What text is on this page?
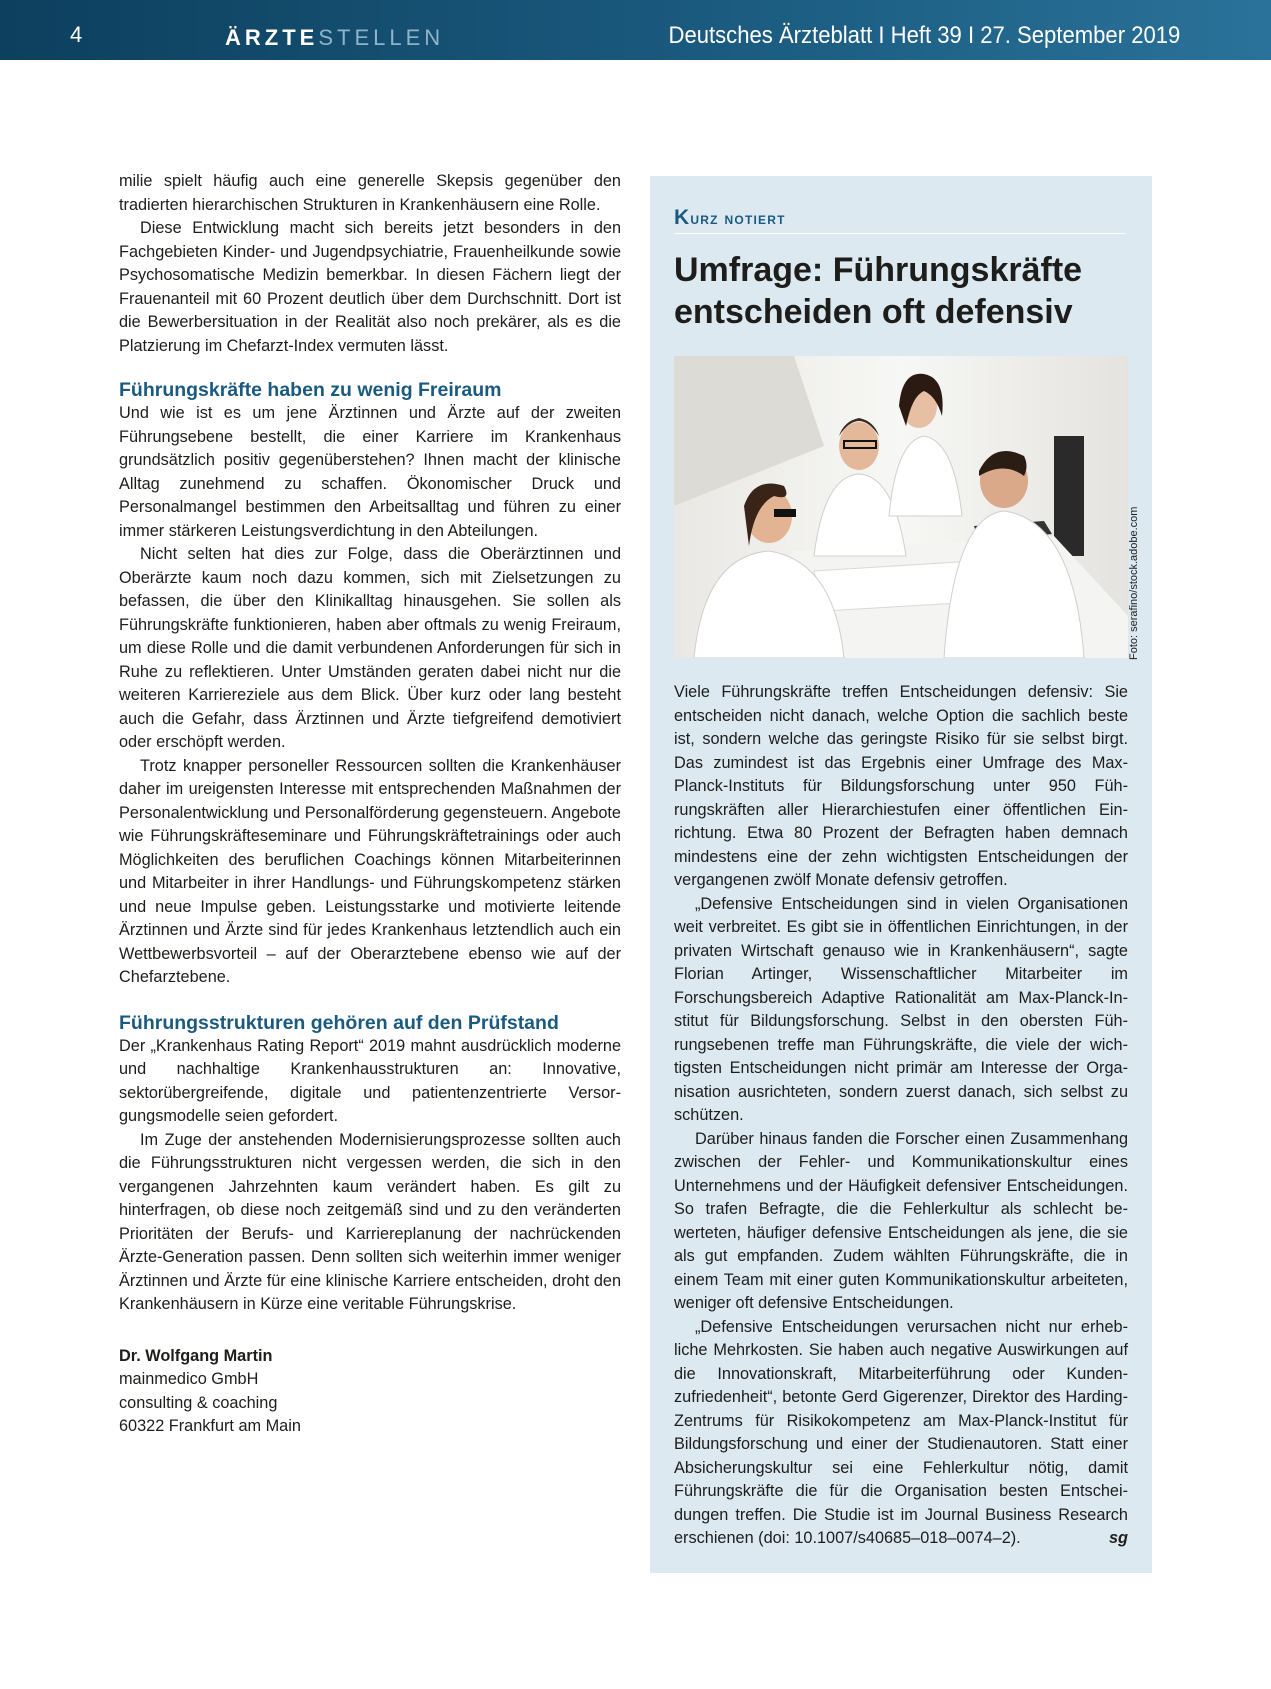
4	ÄRZTESTELLEN	Deutsches Ärzteblatt I Heft 39 I 27. September 2019

milie spielt häufig auch eine generelle Skepsis gegenüber den tradierten hierarchischen Strukturen in Krankenhäusern eine Rolle.

Diese Entwicklung macht sich bereits jetzt besonders in den Fachgebieten Kinder- und Jugendpsychiatrie, Frauenheilkunde sowie Psychosomatische Medizin bemerkbar. In diesen Fächern liegt der Frauenanteil mit 60 Prozent deutlich über dem Durchschnitt. Dort ist die Bewerbersituation in der Realität also noch prekärer, als es die Platzierung im Chefarzt-Index vermuten lässt.

Führungskräfte haben zu wenig Freiraum

Und wie ist es um jene Ärztinnen und Ärzte auf der zweiten Führungsebene bestellt, die einer Karriere im Krankenhaus grundsätzlich positiv gegenüberstehen? Ihnen macht der klinische Alltag zunehmend zu schaffen. Ökonomischer Druck und Personalmangel bestimmen den Arbeitsalltag und führen zu einer immer stärkeren Leistungsverdichtung in den Abteilungen.

Nicht selten hat dies zur Folge, dass die Oberärztinnen und Oberärzte kaum noch dazu kommen, sich mit Zielsetzungen zu befassen, die über den Klinikalltag hinausgehen. Sie sollen als Führungskräfte funktionieren, haben aber oftmals zu wenig Freiraum, um diese Rolle und die damit verbundenen Anforderungen für sich in Ruhe zu reflektieren. Unter Umständen geraten dabei nicht nur die weiteren Karriereziele aus dem Blick. Über kurz oder lang besteht auch die Gefahr, dass Ärztinnen und Ärzte tiefgreifend demotiviert oder erschöpft werden.

Trotz knapper personeller Ressourcen sollten die Krankenhäuser daher im ureigensten Interesse mit entsprechenden Maßnahmen der Personalentwicklung und Personalförderung gegensteuern. Angebote wie Führungskräfteseminare und Führungskräftetrainings oder auch Möglichkeiten des beruflichen Coachings können Mitarbeiterinnen und Mitarbeiter in ihrer Handlungs- und Führungskompetenz stärken und neue Impulse geben. Leistungsstarke und motivierte leitende Ärztinnen und Ärzte sind für jedes Krankenhaus letztendlich auch ein Wettbewerbsvorteil – auf der Oberarztebene ebenso wie auf der Chefarztebene.

Führungsstrukturen gehören auf den Prüfstand

Der „Krankenhaus Rating Report“ 2019 mahnt ausdrücklich moderne und nachhaltige Krankenhausstrukturen an: Innovative, sektorübergreifende, digitale und patientenzentrierte Versorgungsmodelle seien gefordert.

Im Zuge der anstehenden Modernisierungsprozesse sollten auch die Führungsstrukturen nicht vergessen werden, die sich in den vergangenen Jahrzehnten kaum verändert haben. Es gilt zu hinterfragen, ob diese noch zeitgemäß sind und zu den veränderten Prioritäten der Berufs- und Karriereplanung der nachrückenden Ärzte-Generation passen. Denn sollten sich weiterhin immer weniger Ärztinnen und Ärzte für eine klinische Karriere entscheiden, droht den Krankenhäusern in Kürze eine veritable Führungskrise.

Dr. Wolfgang Martin
mainmedico GmbH
consulting & coaching
60322 Frankfurt am Main
Kurz notiert
Umfrage: Führungskräfte entscheiden oft defensiv

Viele Führungskräfte treffen Entscheidungen defensiv: Sie entscheiden nicht danach, welche Option die sachlich beste ist, sondern welche das geringste Risiko für sie selbst birgt. Das zumindest ist das Ergebnis einer Umfrage des Max-Planck-Instituts für Bildungsforschung unter 950 Führungskräften aller Hierarchiestufen einer öffentlichen Einrichtung. Etwa 80 Prozent der Befragten haben demnach mindestens eine der zehn wichtigsten Entscheidungen der vergangenen zwölf Monate defensiv getroffen.

„Defensive Entscheidungen sind in vielen Organisationen weit verbreitet. Es gibt sie in öffentlichen Einrichtungen, in der privaten Wirtschaft genauso wie in Krankenhäusern“, sagte Florian Artinger, Wissenschaftlicher Mitarbeiter im Forschungsbereich Adaptive Rationalität am Max-Planck-Institut für Bildungsforschung. Selbst in den obersten Führungsebenen treffe man Führungskräfte, die viele der wichtigsten Entscheidungen nicht primär am Interesse der Organisation ausrichteten, sondern zuerst danach, sich selbst zu schützen.

Darüber hinaus fanden die Forscher einen Zusammenhang zwischen der Fehler- und Kommunikationskultur eines Unternehmens und der Häufigkeit defensiver Entscheidungen. So trafen Befragte, die die Fehlerkultur als schlecht bewerteten, häufiger defensive Entscheidungen als jene, die sie als gut empfanden. Zudem wählten Führungskräfte, die in einem Team mit einer guten Kommunikationskultur arbeiteten, weniger oft defensive Entscheidungen.

„Defensive Entscheidungen verursachen nicht nur erhebliche Mehrkosten. Sie haben auch negative Auswirkungen auf die Innovationskraft, Mitarbeiterführung oder Kundenzufriedenheit“, betonte Gerd Gigerenzer, Direktor des Harding-Zentrums für Risikokompetenz am Max-Planck-Institut für Bildungsforschung und einer der Studienautoren. Statt einer Absicherungskultur sei eine Fehlerkultur nötig, damit Führungskräfte die für die Organisation besten Entscheidungen treffen. Die Studie ist im Journal Business Research erschienen (doi: 10.1007/s40685–018–0074–2).	sg

Foto: serafino/stock.adobe.com
